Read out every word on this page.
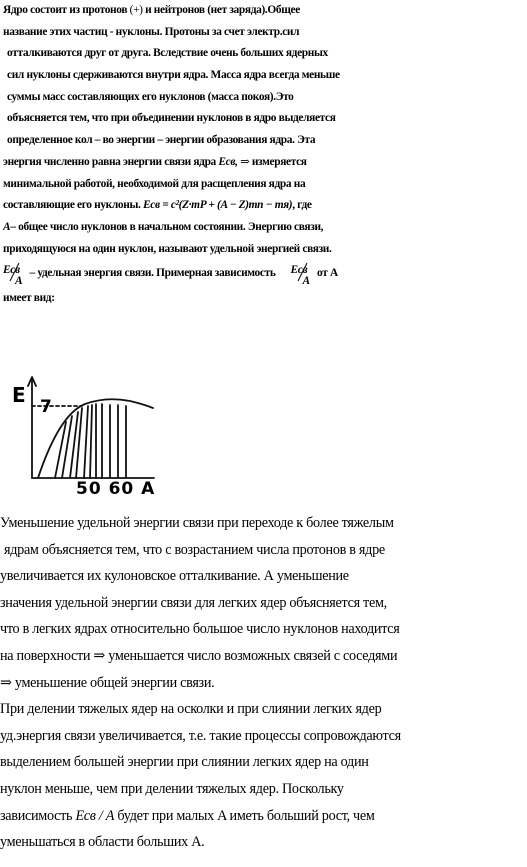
Ядро состоит из протонов (+) и нейтронов (нет заряда).Общее
название этих частиц - нуклоны. Протоны за счет электр.сил
отталкиваются друг от друга. Вследствие очень больших ядерных
сил нуклоны сдерживаются внутри ядра. Масса ядра всегда меньше
суммы масс составляющих его нуклонов (масса покоя).Это
объясняется тем, что при объединении нуклонов в ядро выделяется
определенное кол – во энергии – энергии образования ядра. Эта
энергия численно равна энергии связи ядра Eсв, ⇒ измеряется
минимальной работой, необходимой для расщепления ядра на
составляющие его нуклоны. Eсв = c²(Z·mP + (A − Z)mn − mя), где
A– общее число нуклонов в начальном состоянии. Энергию связи,
приходящуюся на один нуклон, называют удельной энергией связи.
Eсв
A
– удельная энергия связи. Примерная зависимость Eсв
A
от A
имеет вид:
E 7
50 60 A
Уменьшение удельной энергии связи при переходе к более тяжелым
ядрам объясняется тем, что с возрастанием числа протонов в ядре
увеличивается их кулоновское отталкивание. А уменьшение
значения удельной энергии связи для легких ядер объясняется тем,
что в легких ядрах относительно большое число нуклонов находится
на поверхности ⇒ уменьшается число возможных связей с соседями
⇒ уменьшение общей энергии связи.
При делении тяжелых ядер на осколки и при слиянии легких ядер
уд.энергия связи увеличивается, т.е. такие процессы сопровождаются
выделением большей энергии при слиянии легких ядер на один
нуклон меньше, чем при делении тяжелых ядер. Поскольку
зависимость Eсв / A будет при малых A иметь больший рост, чем
уменьшаться в области больших A.
